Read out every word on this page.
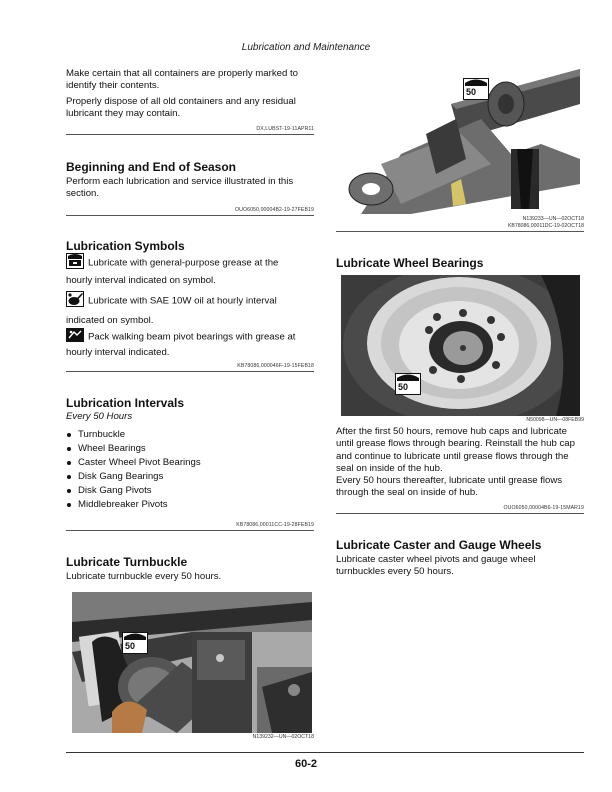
Lubrication and Maintenance

Make certain that all containers are properly marked to identify their contents.

Properly dispose of all old containers and any residual lubricant they may contain.

DX,LUBST-19-11APR11
Beginning and End of Season

Perform each lubrication and service illustrated in this section.

OUO6050,00004B2-19-27FEB19
Lubrication Symbols
Lubricate with general-purpose grease at the
hourly interval indicated on symbol.
Lubricate with SAE 10W oil at hourly interval
indicated on symbol.
Pack walking beam pivot bearings with grease at
hourly interval indicated.
KB78086,000046F-19-15FEB18
Lubrication Intervals
Every 50 Hours
Turnbuckle
Wheel Bearings
Caster Wheel Pivot Bearings
Disk Gang Bearings
Disk Gang Pivots
Middlebreaker Pivots
KB78086,00011CC-19-28FEB19
Lubricate Turnbuckle

Lubricate turnbuckle every 50 hours.

50
N139232—UN—02OCT18
50
N139233—UN—02OCT18
KB78086,00011DC-19-02OCT18
Lubricate Wheel Bearings
50
N50098—UN—08FEB99

After the first 50 hours, remove hub caps and lubricate until grease flows through bearing. Reinstall the hub cap and continue to lubricate until grease flows through the seal on inside of the hub.

Every 50 hours thereafter, lubricate until grease flows through the seal on inside of hub.

OUO6050,00004B6-19-15MAR19
Lubricate Caster and Gauge Wheels

Lubricate caster wheel pivots and gauge wheel turnbuckles every 50 hours.

60-2
